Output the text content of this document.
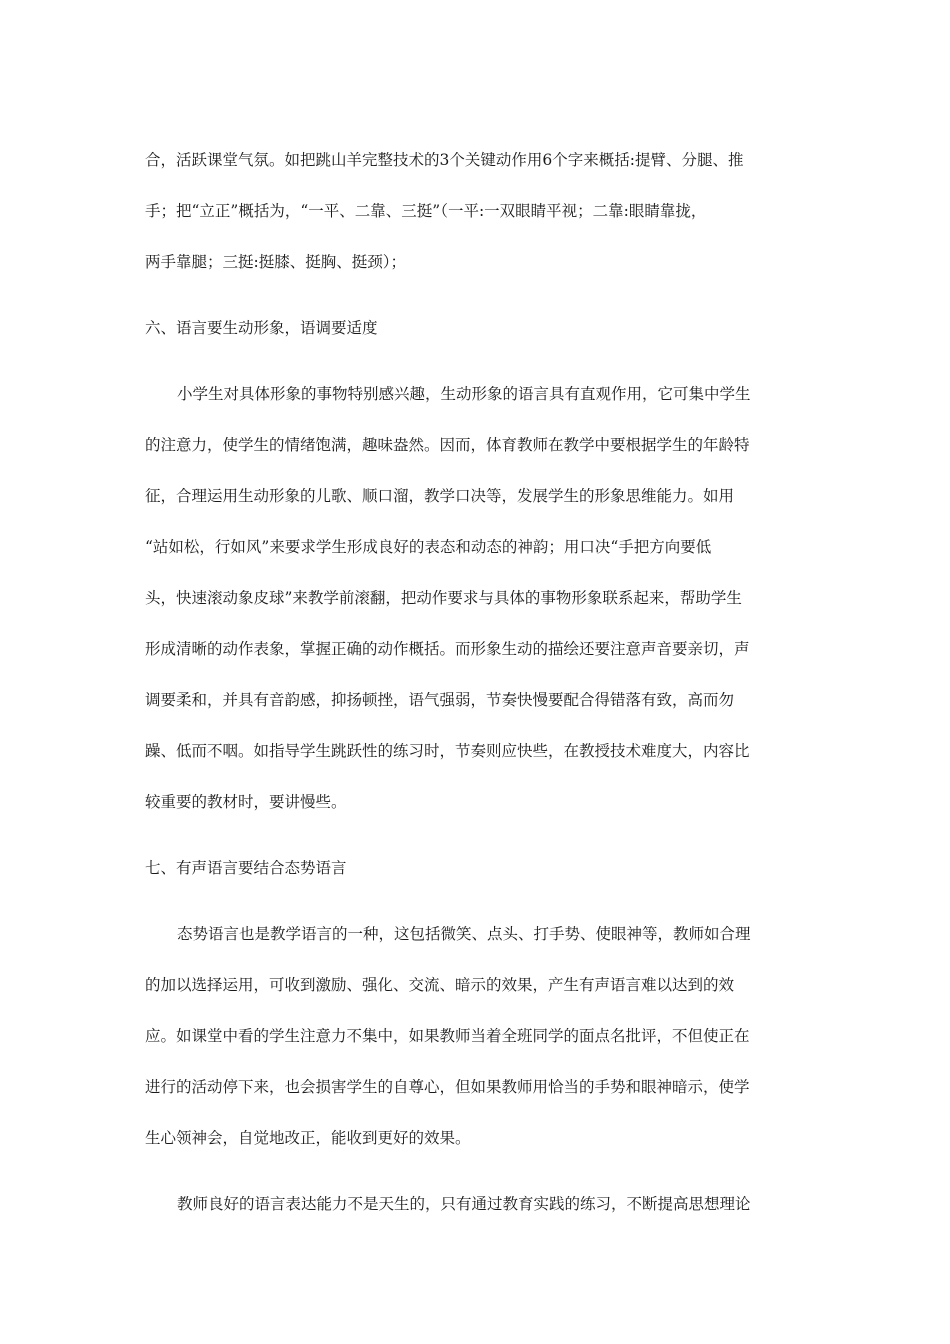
合，活跃课堂气氛。如把跳山羊完整技术的3个关键动作用6个字来概括:提臂、分腿、推
手；把“立正”概括为，“一平、二靠、三挺”（一平:一双眼睛平视；二靠:眼睛靠拢，
两手靠腿；三挺:挺膝、挺胸、挺颈）；
六、语言要生动形象，语调要适度
小学生对具体形象的事物特别感兴趣，生动形象的语言具有直观作用，它可集中学生
的注意力，使学生的情绪饱满，趣味盎然。因而，体育教师在教学中要根据学生的年龄特
征，合理运用生动形象的儿歌、顺口溜，教学口决等，发展学生的形象思维能力。如用
“站如松，行如风”来要求学生形成良好的表态和动态的神韵；用口决“手把方向要低
头，快速滚动象皮球”来教学前滚翻，把动作要求与具体的事物形象联系起来，帮助学生
形成清晰的动作表象，掌握正确的动作概括。而形象生动的描绘还要注意声音要亲切，声
调要柔和，并具有音韵感，抑扬顿挫，语气强弱，节奏快慢要配合得错落有致，高而勿
躁、低而不咽。如指导学生跳跃性的练习时，节奏则应快些，在教授技术难度大，内容比
较重要的教材时，要讲慢些。
七、有声语言要结合态势语言
态势语言也是教学语言的一种，这包括微笑、点头、打手势、使眼神等，教师如合理
的加以选择运用，可收到激励、强化、交流、暗示的效果，产生有声语言难以达到的效
应。如课堂中看的学生注意力不集中，如果教师当着全班同学的面点名批评，不但使正在
进行的活动停下来，也会损害学生的自尊心，但如果教师用恰当的手势和眼神暗示，使学
生心领神会，自觉地改正，能收到更好的效果。
教师良好的语言表达能力不是天生的，只有通过教育实践的练习，不断提高思想理论
